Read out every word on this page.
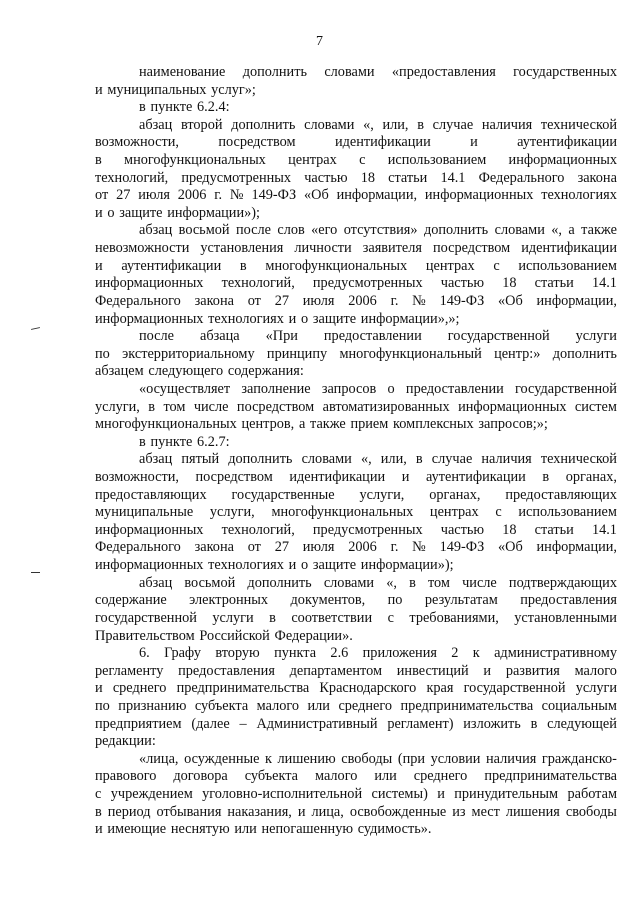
7
наименование дополнить словами «предоставления государственных
и муниципальных услуг»;
в пункте 6.2.4:
абзац второй дополнить словами «, или, в случае наличия технической
возможности,	посредством	идентификации	и	аутентификации
в многофункциональных центрах с использованием информационных
технологий, предусмотренных частью 18 статьи 14.1 Федерального закона
от 27 июля 2006 г. № 149-ФЗ «Об информации, информационных технологиях
и о защите информации»);
абзац восьмой после слов «его отсутствия» дополнить словами «, а также
невозможности установления личности заявителя посредством идентификации
и аутентификации в многофункциональных центрах с использованием
информационных технологий, предусмотренных частью 18 статьи 14.1
Федерального закона от 27 июля 2006 г. № 149-ФЗ «Об информации,
информационных технологиях и о защите информации»,»;
после абзаца «При предоставлении государственной услуги
по экстерриториальному принципу многофункциональный центр:» дополнить
абзацем следующего содержания:
«осуществляет заполнение запросов о предоставлении государственной
услуги, в том числе посредством автоматизированных информационных систем
многофункциональных центров, а также прием комплексных запросов;»;
в пункте 6.2.7:
абзац пятый дополнить словами «, или, в случае наличия технической
возможности, посредством идентификации и аутентификации в органах,
предоставляющих государственные услуги, органах, предоставляющих
муниципальные услуги, многофункциональных центрах с использованием
информационных технологий, предусмотренных частью 18 статьи 14.1
Федерального закона от 27 июля 2006 г. № 149-ФЗ «Об информации,
информационных технологиях и о защите информации»);
абзац восьмой дополнить словами «, в том числе подтверждающих
содержание электронных документов, по результатам предоставления
государственной услуги в соответствии с требованиями, установленными
Правительством Российской Федерации».
6. Графу вторую пункта 2.6 приложения 2 к административному
регламенту предоставления департаментом инвестиций и развития малого
и среднего предпринимательства Краснодарского края государственной услуги
по признанию субъекта малого или среднего предпринимательства социальным
предприятием (далее – Административный регламент) изложить в следующей
редакции:
«лица, осужденные к лишению свободы (при условии наличия гражданско-
правового договора субъекта малого или среднего предпринимательства
с учреждением уголовно-исполнительной системы) и принудительным работам
в период отбывания наказания, и лица, освобожденные из мест лишения свободы
и имеющие неснятую или непогашенную судимость».
